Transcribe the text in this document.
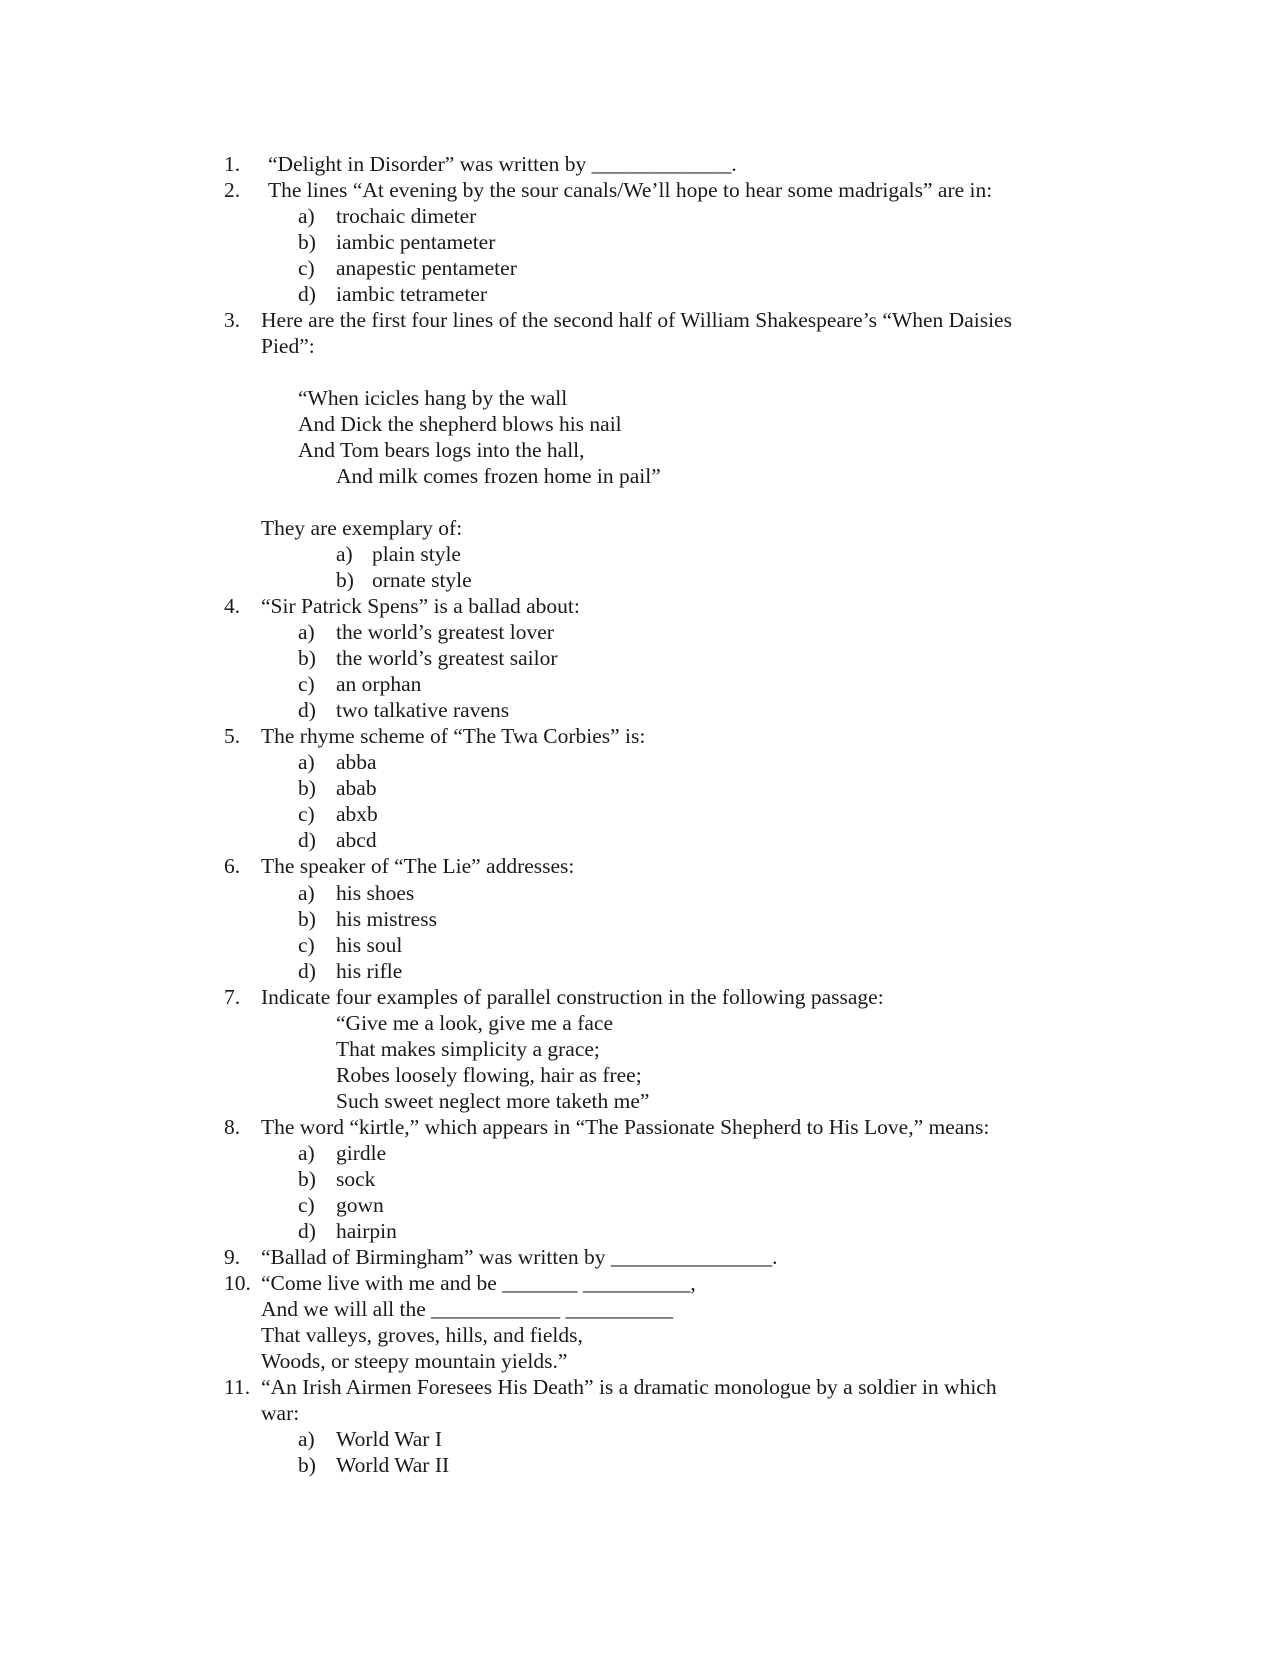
1.

“Delight in Disorder” was written by _____________.

2.

The lines “At evening by the sour canals/We’ll hope to hear some madrigals” are in:

a)

trochaic dimeter

b)

iambic pentameter

c)

anapestic pentameter

d)

iambic tetrameter

3.

Here are the first four lines of the second half of William Shakespeare’s “When Daisies

Pied”:

“When icicles hang by the wall

And Dick the shepherd blows his nail

And Tom bears logs into the hall,

And milk comes frozen home in pail”

They are exemplary of:

a)

plain style

b)

ornate style

4.

“Sir Patrick Spens” is a ballad about:

a)

the world’s greatest lover

b)

the world’s greatest sailor

c)

an orphan

d)

two talkative ravens

5.

The rhyme scheme of “The Twa Corbies” is:

a)

abba

b)

abab

c)

abxb

d)

abcd

6.

The speaker of “The Lie” addresses:

a)

his shoes

b)

his mistress

c)

his soul

d)

his rifle

7.

Indicate four examples of parallel construction in the following passage:

“Give me a look, give me a face

That makes simplicity a grace;

Robes loosely flowing, hair as free;

Such sweet neglect more taketh me”

8.

The word “kirtle,” which appears in “The Passionate Shepherd to His Love,” means:

a)

girdle

b)

sock

c)

gown

d)

hairpin

9.

“Ballad of Birmingham” was written by _______________.

10.

“Come live with me and be _______ __________,

And we will all the ____________ __________

That valleys, groves, hills, and fields,

Woods, or steepy mountain yields.”

11.

“An Irish Airmen Foresees His Death” is a dramatic monologue by a soldier in which

war:

a)

World War I

b)

World War II
